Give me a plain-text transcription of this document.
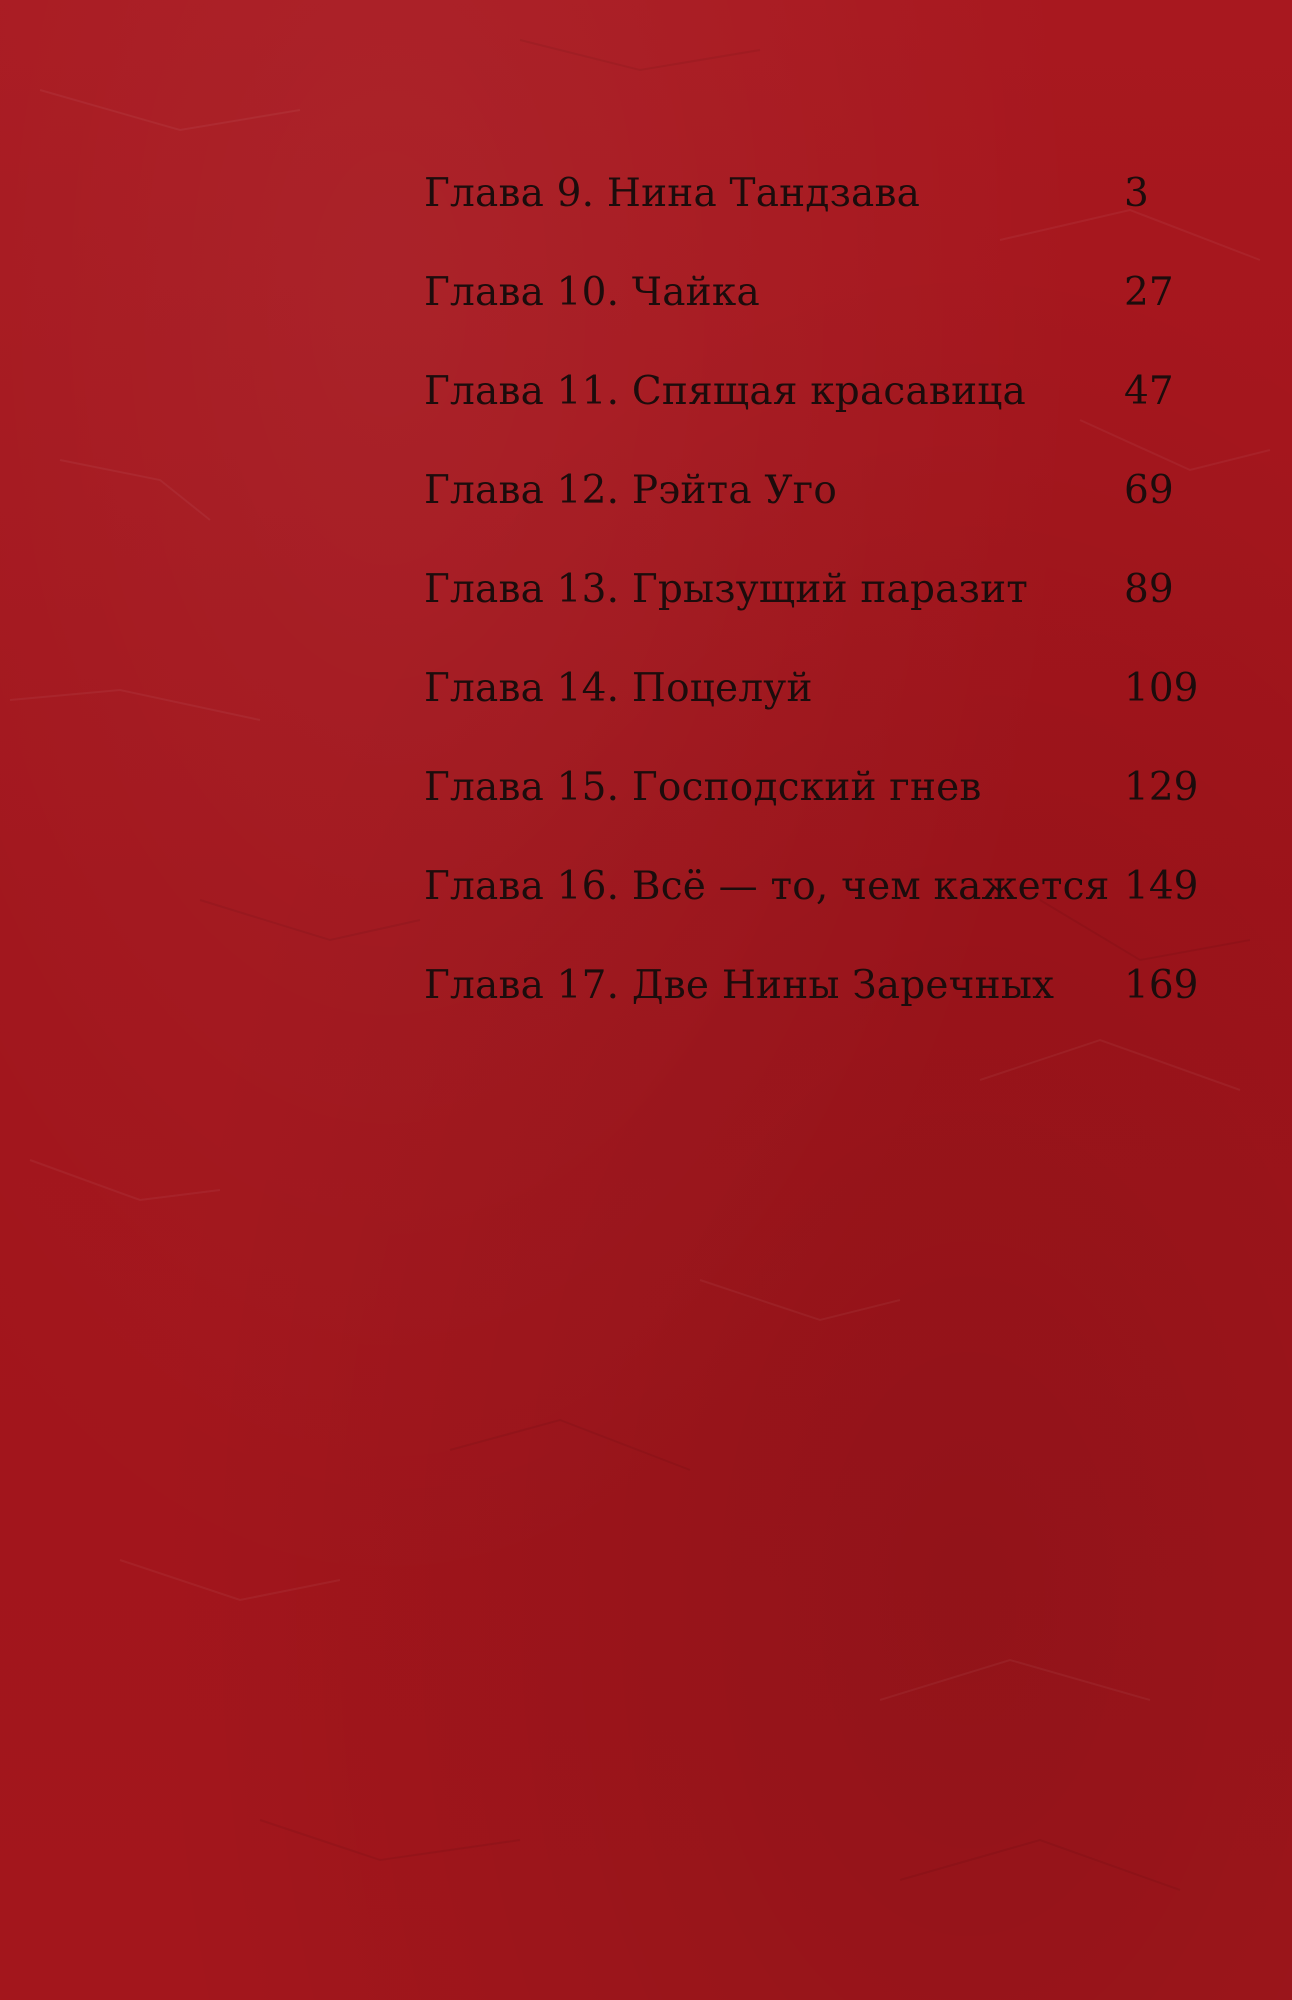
Глава 9. Нина Тандзава	3
Глава 10. Чайка	27
Глава 11. Спящая красавица	47
Глава 12. Рэйта Уго	69
Глава 13. Грызущий паразит 89
Глава 14. Поцелуй	109
Глава 15. Господский гнев	129
Глава 16. Всё — то, чем кажется 149
Глава 17. Две Нины Заречных 169
